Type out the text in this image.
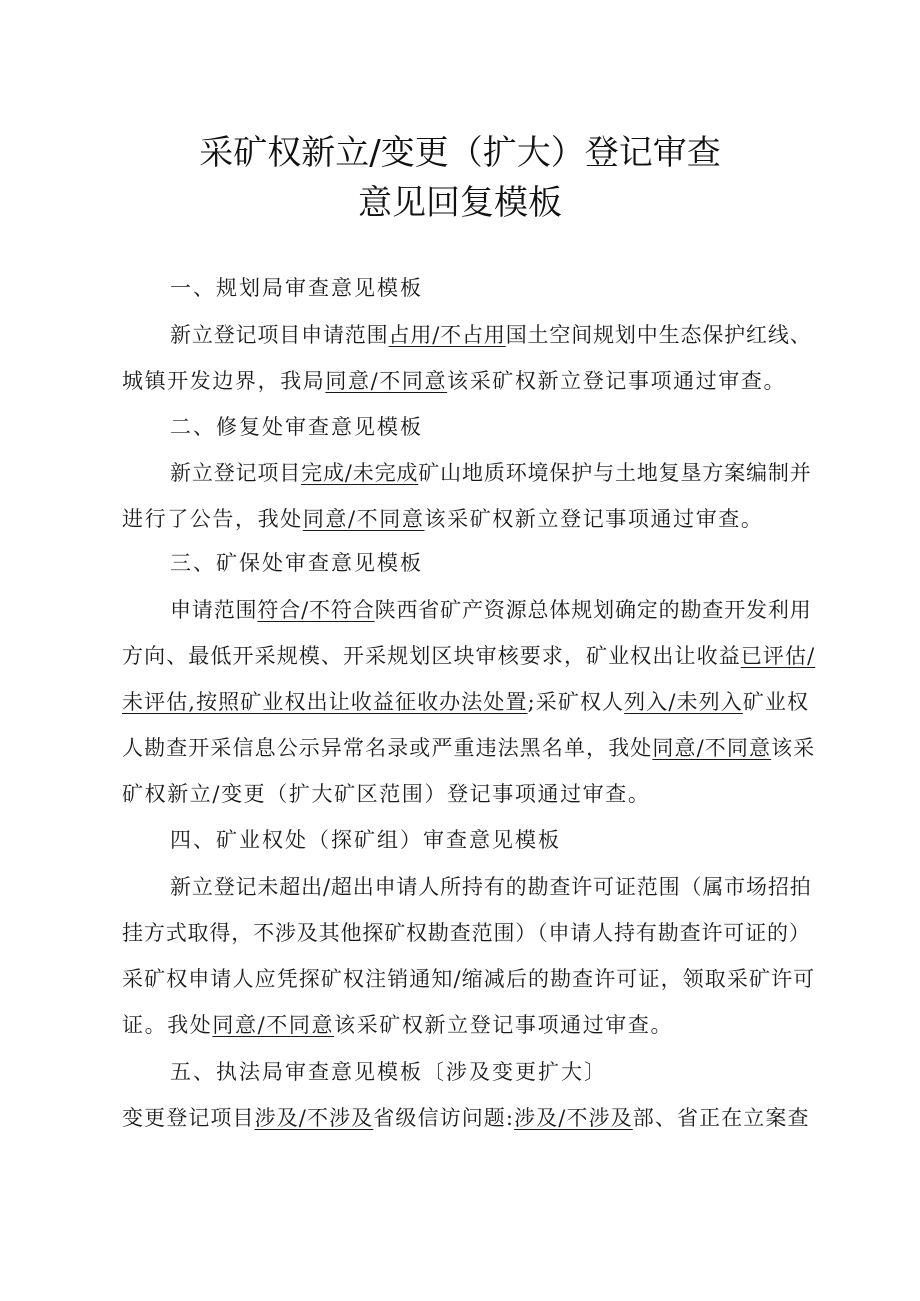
采矿权新立/变更（扩大）登记审查
意见回复模板
一、规划局审查意见模板
新立登记项目申请范围占用/不占用国土空间规划中生态保护红线、
城镇开发边界，我局同意/不同意该采矿权新立登记事项通过审查。
二、修复处审查意见模板
新立登记项目完成/未完成矿山地质环境保护与土地复垦方案编制并
进行了公告，我处同意/不同意该采矿权新立登记事项通过审查。
三、矿保处审查意见模板
申请范围符合/不符合陕西省矿产资源总体规划确定的勘查开发利用
方向、最低开采规模、开采规划区块审核要求，矿业权出让收益已评估/
未评估,按照矿业权出让收益征收办法处置;采矿权人列入/未列入矿业权
人勘查开采信息公示异常名录或严重违法黑名单，我处同意/不同意该采
矿权新立/变更（扩大矿区范围）登记事项通过审查。
四、矿业权处（探矿组）审查意见模板
新立登记未超出/超出申请人所持有的勘查许可证范围（属市场招拍
挂方式取得，不涉及其他探矿权勘查范围）（申请人持有勘查许可证的）
采矿权申请人应凭探矿权注销通知/缩减后的勘查许可证，领取采矿许可
证。我处同意/不同意该采矿权新立登记事项通过审查。
五、执法局审查意见模板〔涉及变更扩大〕
变更登记项目涉及/不涉及省级信访问题:涉及/不涉及部、省正在立案查
